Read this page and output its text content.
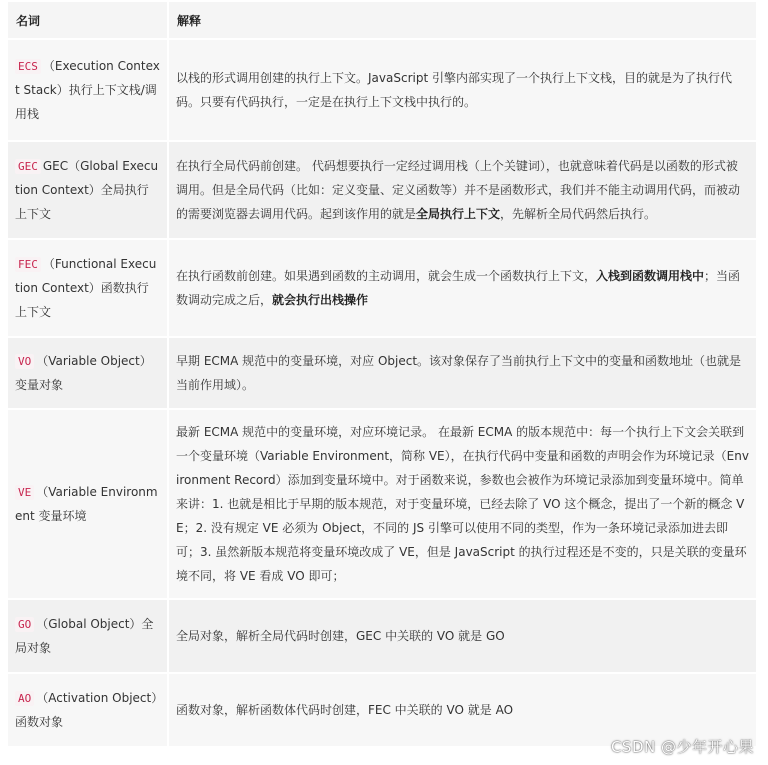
名词	解释
ECS （Execution Context Stack）执行上下文栈/调用栈	以栈的形式调用创建的执行上下文。JavaScript 引擎内部实现了一个执行上下文栈，目的就是为了执行代码。只要有代码执行，一定是在执行上下文栈中执行的。
GEC GEC（Global Execution Context）全局执行上下文	在执行全局代码前创建。 代码想要执行一定经过调用栈（上个关键词），也就意味着代码是以函数的形式被调用。但是全局代码（比如：定义变量、定义函数等）并不是函数形式，我们并不能主动调用代码，而被动的需要浏览器去调用代码。起到该作用的就是全局执行上下文，先解析全局代码然后执行。
FEC （Functional Execution Context）函数执行上下文	在执行函数前创建。如果遇到函数的主动调用，就会生成一个函数执行上下文，入栈到函数调用栈中；当函数调动完成之后，就会执行出栈操作
VO （Variable Object）变量对象	早期 ECMA 规范中的变量环境，对应 Object。该对象保存了当前执行上下文中的变量和函数地址（也就是当前作用域）。
VE （Variable Environment 变量环境	最新 ECMA 规范中的变量环境，对应环境记录。 在最新 ECMA 的版本规范中：每一个执行上下文会关联到一个变量环境（Variable Environment，简称 VE），在执行代码中变量和函数的声明会作为环境记录（Environment Record）添加到变量环境中。对于函数来说，参数也会被作为环境记录添加到变量环境中。简单来讲：1. 也就是相比于早期的版本规范，对于变量环境，已经去除了 VO 这个概念，提出了一个新的概念 VE；2. 没有规定 VE 必须为 Object，不同的 JS 引擎可以使用不同的类型，作为一条环境记录添加进去即可；3. 虽然新版本规范将变量环境改成了 VE，但是 JavaScript 的执行过程还是不变的，只是关联的变量环境不同，将 VE 看成 VO 即可；
GO （Global Object）全局对象	全局对象，解析全局代码时创建，GEC 中关联的 VO 就是 GO
AO （Activation Object）函数对象	函数对象，解析函数体代码时创建，FEC 中关联的 VO 就是 AO
CSDN @少年开心果
